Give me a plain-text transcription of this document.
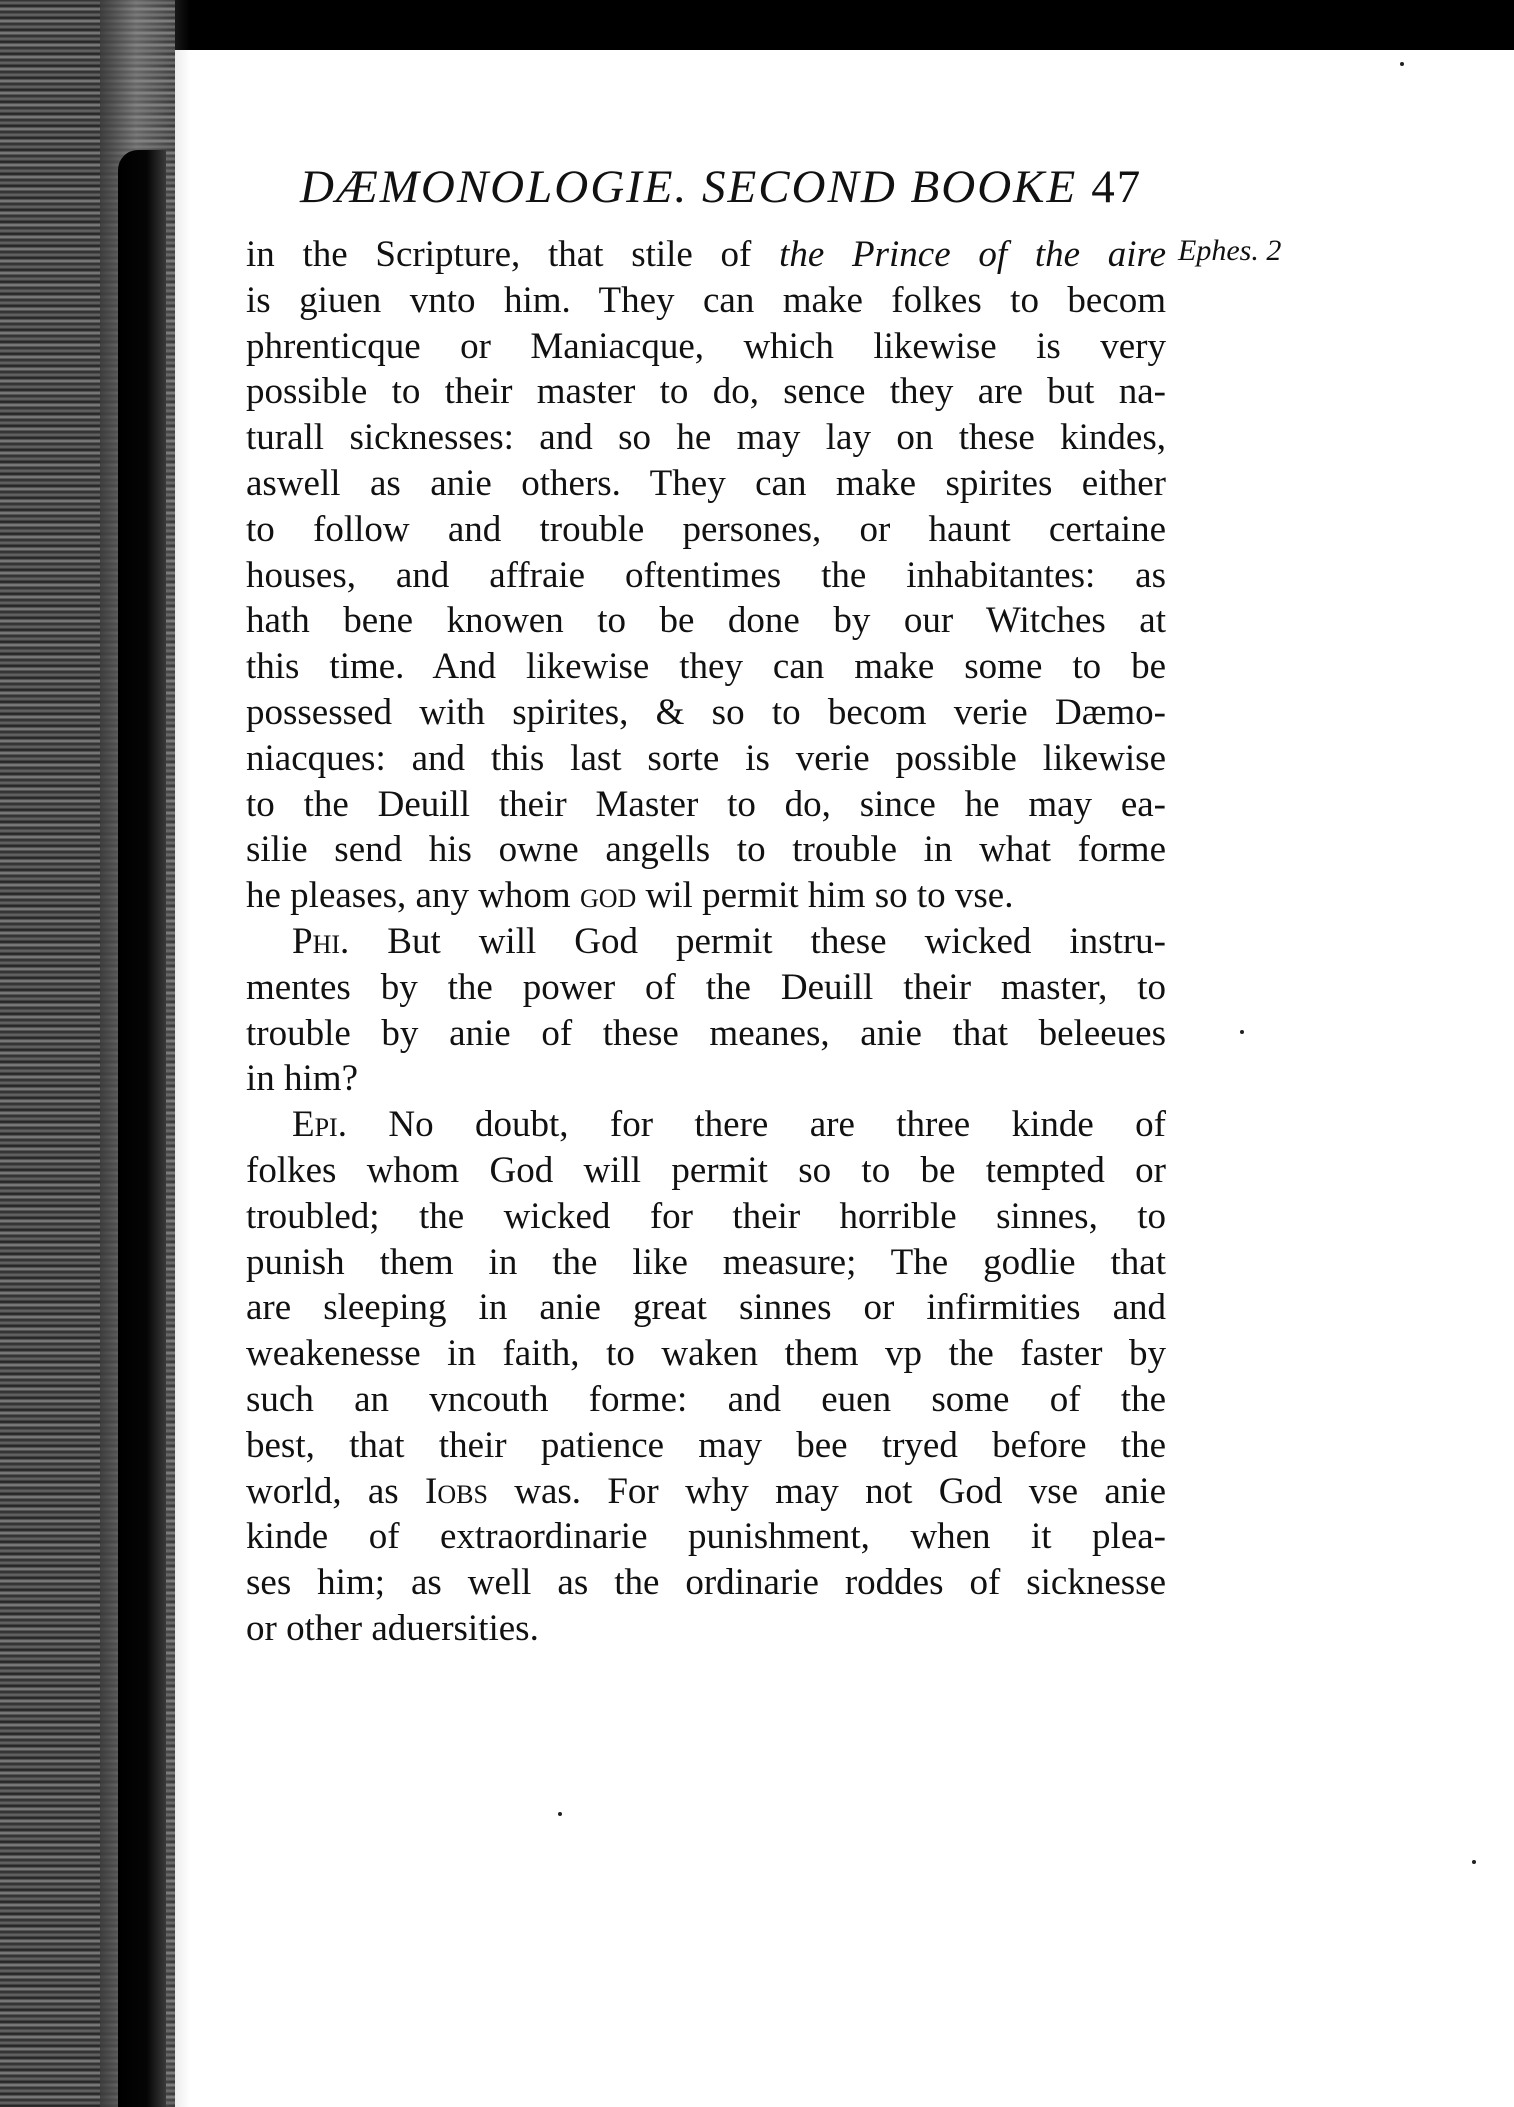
DÆMONOLOGIE. SECOND BOOKE 47
Ephes. 2
in the Scripture, that stile of the Prince of the aire
is giuen vnto him. They can make folkes to becom
phrenticque or Maniacque, which likewise is very
possible to their master to do, sence they are but na-
turall sicknesses: and so he may lay on these kindes,
aswell as anie others. They can make spirites either
to follow and trouble persones, or haunt certaine
houses, and affraie oftentimes the inhabitantes: as
hath bene knowen to be done by our Witches at
this time. And likewise they can make some to be
possessed with spirites, & so to becom verie Dæmo-
niacques: and this last sorte is verie possible likewise
to the Deuill their Master to do, since he may ea-
silie send his owne angells to trouble in what forme
he pleases, any whom god wil permit him so to vse.
Phi. But will God permit these wicked instru-
mentes by the power of the Deuill their master, to
trouble by anie of these meanes, anie that beleeues
in him?
Epi. No doubt, for there are three kinde of
folkes whom God will permit so to be tempted or
troubled; the wicked for their horrible sinnes, to
punish them in the like measure; The godlie that
are sleeping in anie great sinnes or infirmities and
weakenesse in faith, to waken them vp the faster by
such an vncouth forme: and euen some of the
best, that their patience may bee tryed before the
world, as Iobs was. For why may not God vse anie
kinde of extraordinarie punishment, when it plea-
ses him; as well as the ordinarie roddes of sicknesse
or other aduersities.
